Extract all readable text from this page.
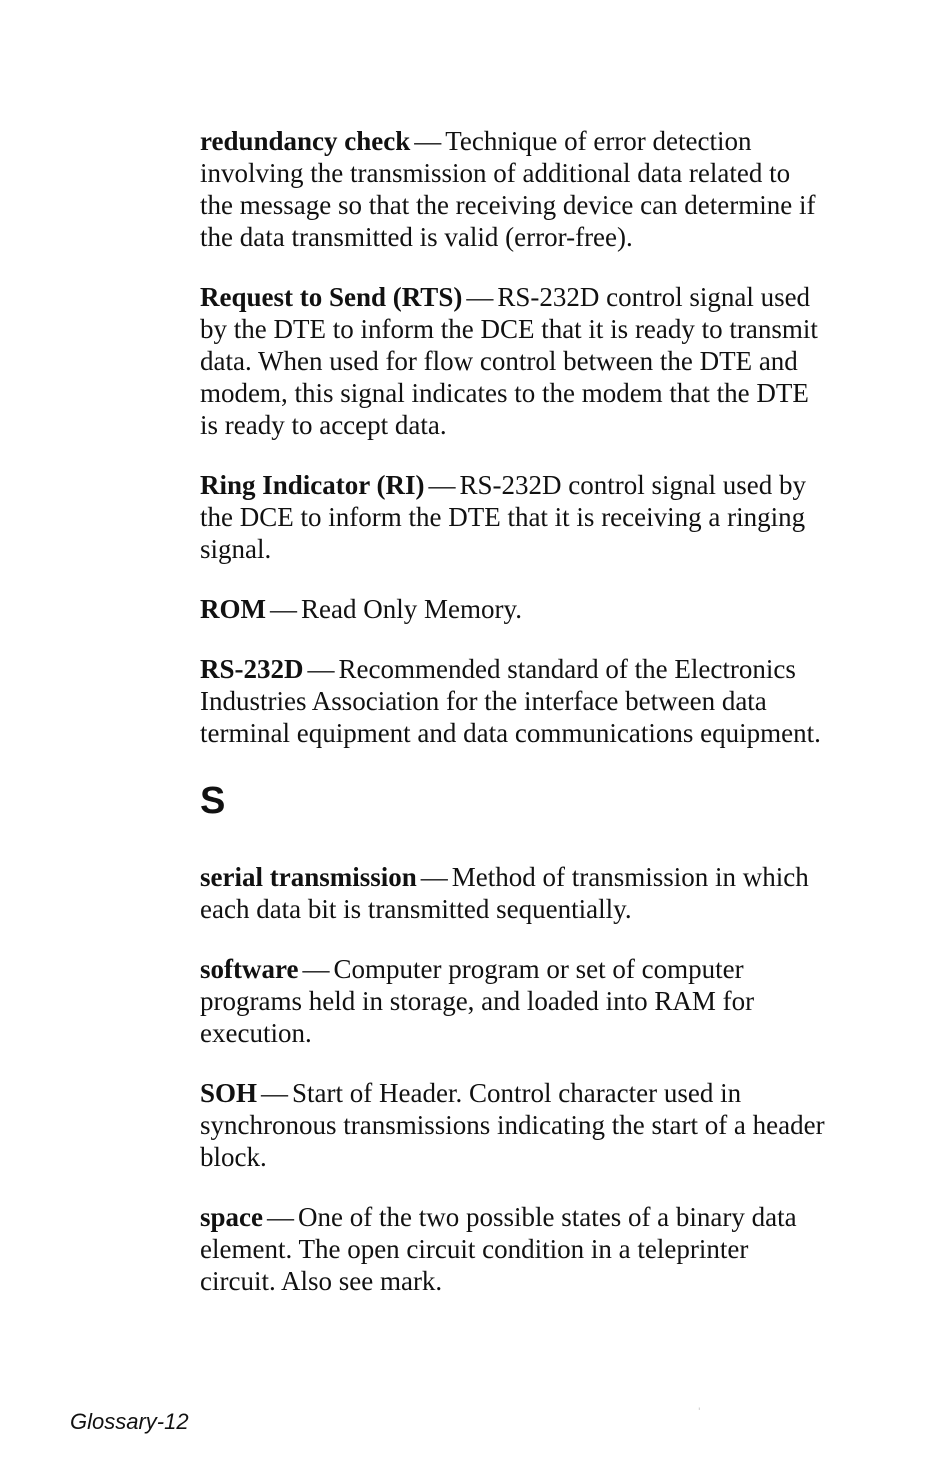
redundancy check — Technique of error detection involving the transmission of additional data related to the message so that the receiving device can determine if the data transmitted is valid (error-free).

Request to Send (RTS) — RS-232D control signal used by the DTE to inform the DCE that it is ready to transmit data. When used for flow control between the DTE and modem, this signal indicates to the modem that the DTE is ready to accept data.

Ring Indicator (RI) — RS-232D control signal used by the DCE to inform the DTE that it is receiving a ringing signal.

ROM — Read Only Memory.

RS-232D — Recommended standard of the Electronics Industries Association for the interface between data terminal equipment and data communications equipment.

S

serial transmission — Method of transmission in which each data bit is transmitted sequentially.

software — Computer program or set of computer programs held in storage, and loaded into RAM for execution.

SOH — Start of Header. Control character used in synchronous transmissions indicating the start of a header block.

space — One of the two possible states of a binary data element. The open circuit condition in a teleprinter circuit. Also see mark.

Glossary-12	'
